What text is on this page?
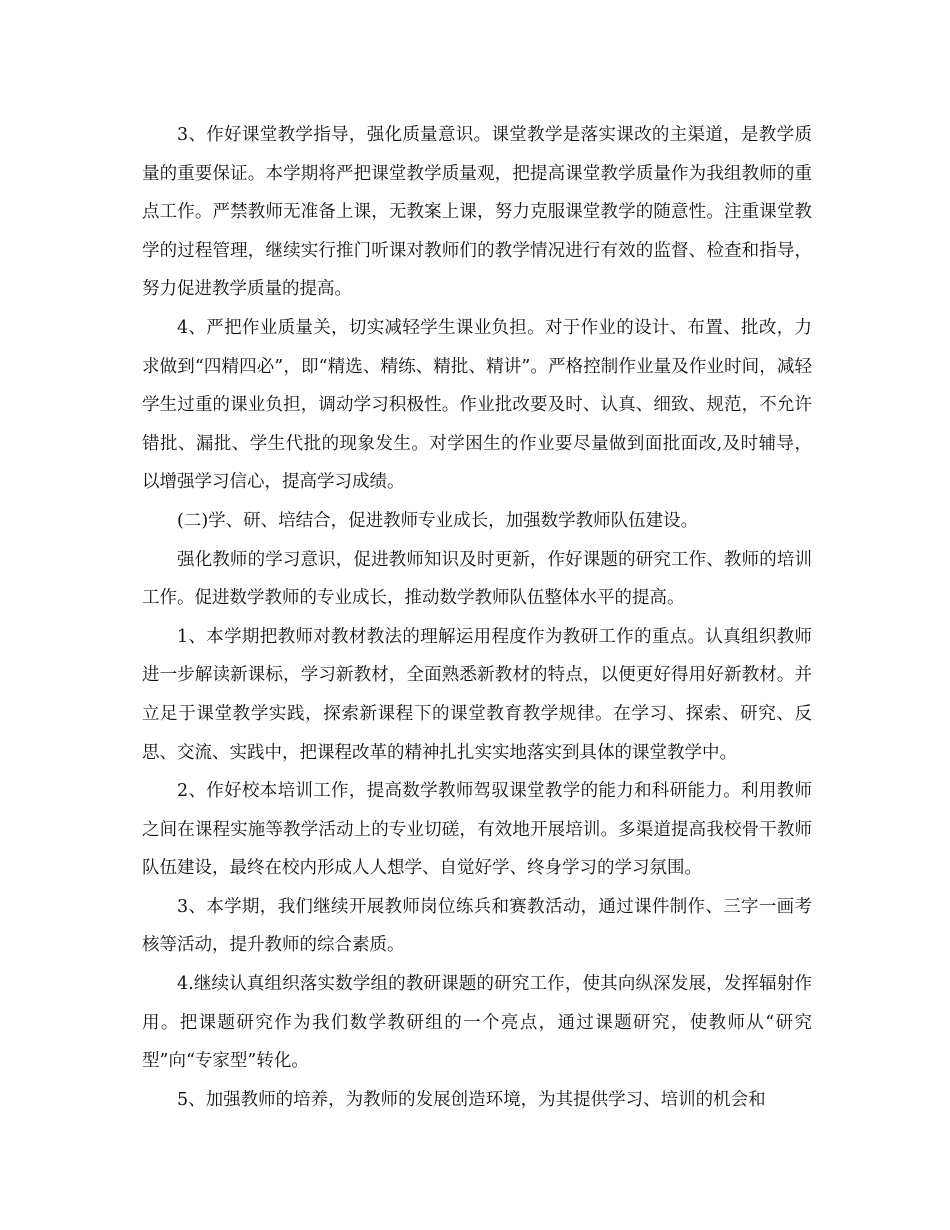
3、作好课堂教学指导，强化质量意识。课堂教学是落实课改的主渠道，是教学质量的重要保证。本学期将严把课堂教学质量观，把提高课堂教学质量作为我组教师的重点工作。严禁教师无准备上课，无教案上课，努力克服课堂教学的随意性。注重课堂教学的过程管理，继续实行推门听课对教师们的教学情况进行有效的监督、检查和指导，努力促进教学质量的提高。

4、严把作业质量关，切实减轻学生课业负担。对于作业的设计、布置、批改，力求做到“四精四必”，即“精选、精练、精批、精讲”。严格控制作业量及作业时间，减轻学生过重的课业负担，调动学习积极性。作业批改要及时、认真、细致、规范，不允许错批、漏批、学生代批的现象发生。对学困生的作业要尽量做到面批面改,及时辅导，以增强学习信心，提高学习成绩。

(二)学、研、培结合，促进教师专业成长，加强数学教师队伍建设。

强化教师的学习意识，促进教师知识及时更新，作好课题的研究工作、教师的培训工作。促进数学教师的专业成长，推动数学教师队伍整体水平的提高。

1、本学期把教师对教材教法的理解运用程度作为教研工作的重点。认真组织教师进一步解读新课标，学习新教材，全面熟悉新教材的特点，以便更好得用好新教材。并立足于课堂教学实践，探索新课程下的课堂教育教学规律。在学习、探索、研究、反思、交流、实践中，把课程改革的精神扎扎实实地落实到具体的课堂教学中。

2、作好校本培训工作，提高数学教师驾驭课堂教学的能力和科研能力。利用教师之间在课程实施等教学活动上的专业切磋，有效地开展培训。多渠道提高我校骨干教师队伍建设，最终在校内形成人人想学、自觉好学、终身学习的学习氛围。

3、本学期，我们继续开展教师岗位练兵和赛教活动，通过课件制作、三字一画考核等活动，提升教师的综合素质。

4.继续认真组织落实数学组的教研课题的研究工作，使其向纵深发展，发挥辐射作用。把课题研究作为我们数学教研组的一个亮点，通过课题研究，使教师从“研究型”向“专家型”转化。

5、加强教师的培养，为教师的发展创造环境，为其提供学习、培训的机会和
